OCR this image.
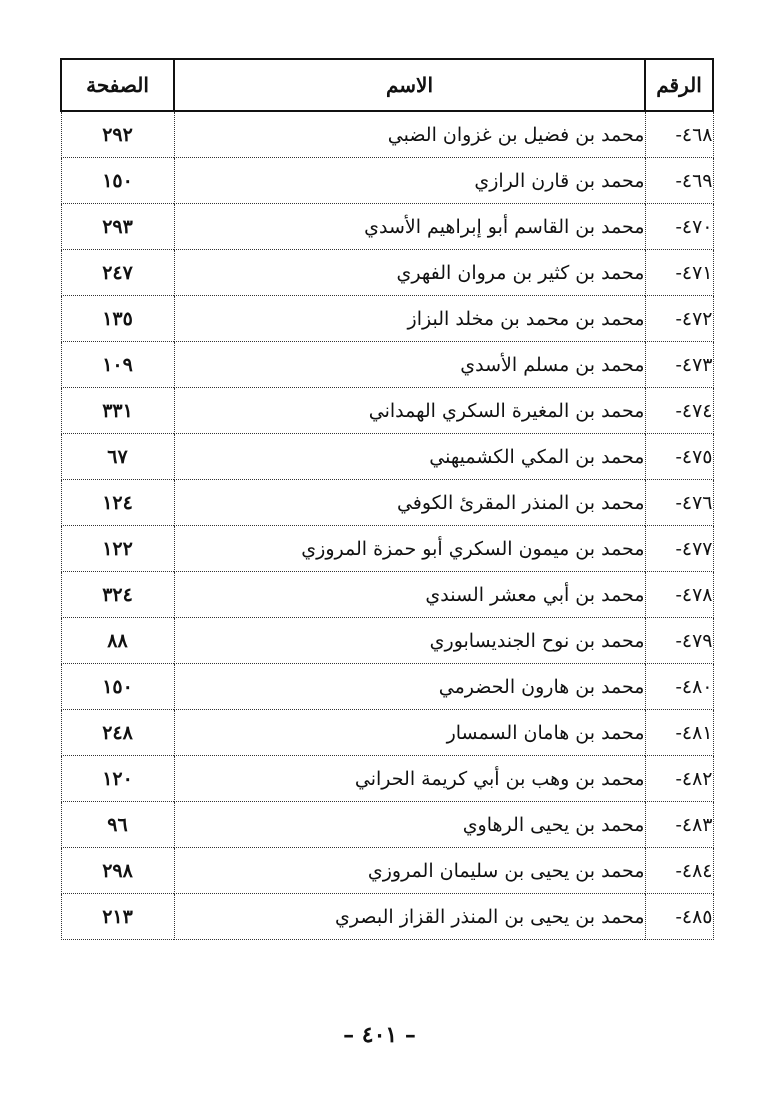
الرقم	الاسم	الصفحة
٤٦٨-	محمد بن فضيل بن غزوان الضبي	٢٩٢
٤٦٩-	محمد بن قارن الرازي	١٥٠
٤٧٠-	محمد بن القاسم أبو إبراهيم الأسدي	٢٩٣
٤٧١-	محمد بن كثير بن مروان الفهري	٢٤٧
٤٧٢-	محمد بن محمد بن مخلد البزاز	١٣٥
٤٧٣-	محمد بن مسلم الأسدي	١٠٩
٤٧٤-	محمد بن المغيرة السكري الهمداني	٣٣١
٤٧٥-	محمد بن المكي الكشميهني	٦٧
٤٧٦-	محمد بن المنذر المقرئ الكوفي	١٢٤
٤٧٧-	محمد بن ميمون السكري أبو حمزة المروزي	١٢٢
٤٧٨-	محمد بن أبي معشر السندي	٣٢٤
٤٧٩-	محمد بن نوح الجنديسابوري	٨٨
٤٨٠-	محمد بن هارون الحضرمي	١٥٠
٤٨١-	محمد بن هامان السمسار	٢٤٨
٤٨٢-	محمد بن وهب بن أبي كريمة الحراني	١٢٠
٤٨٣-	محمد بن يحيى الرهاوي	٩٦
٤٨٤-	محمد بن يحيى بن سليمان المروزي	٢٩٨
٤٨٥-	محمد بن يحيى بن المنذر القزاز البصري	٢١٣
– ٤٠١ –
